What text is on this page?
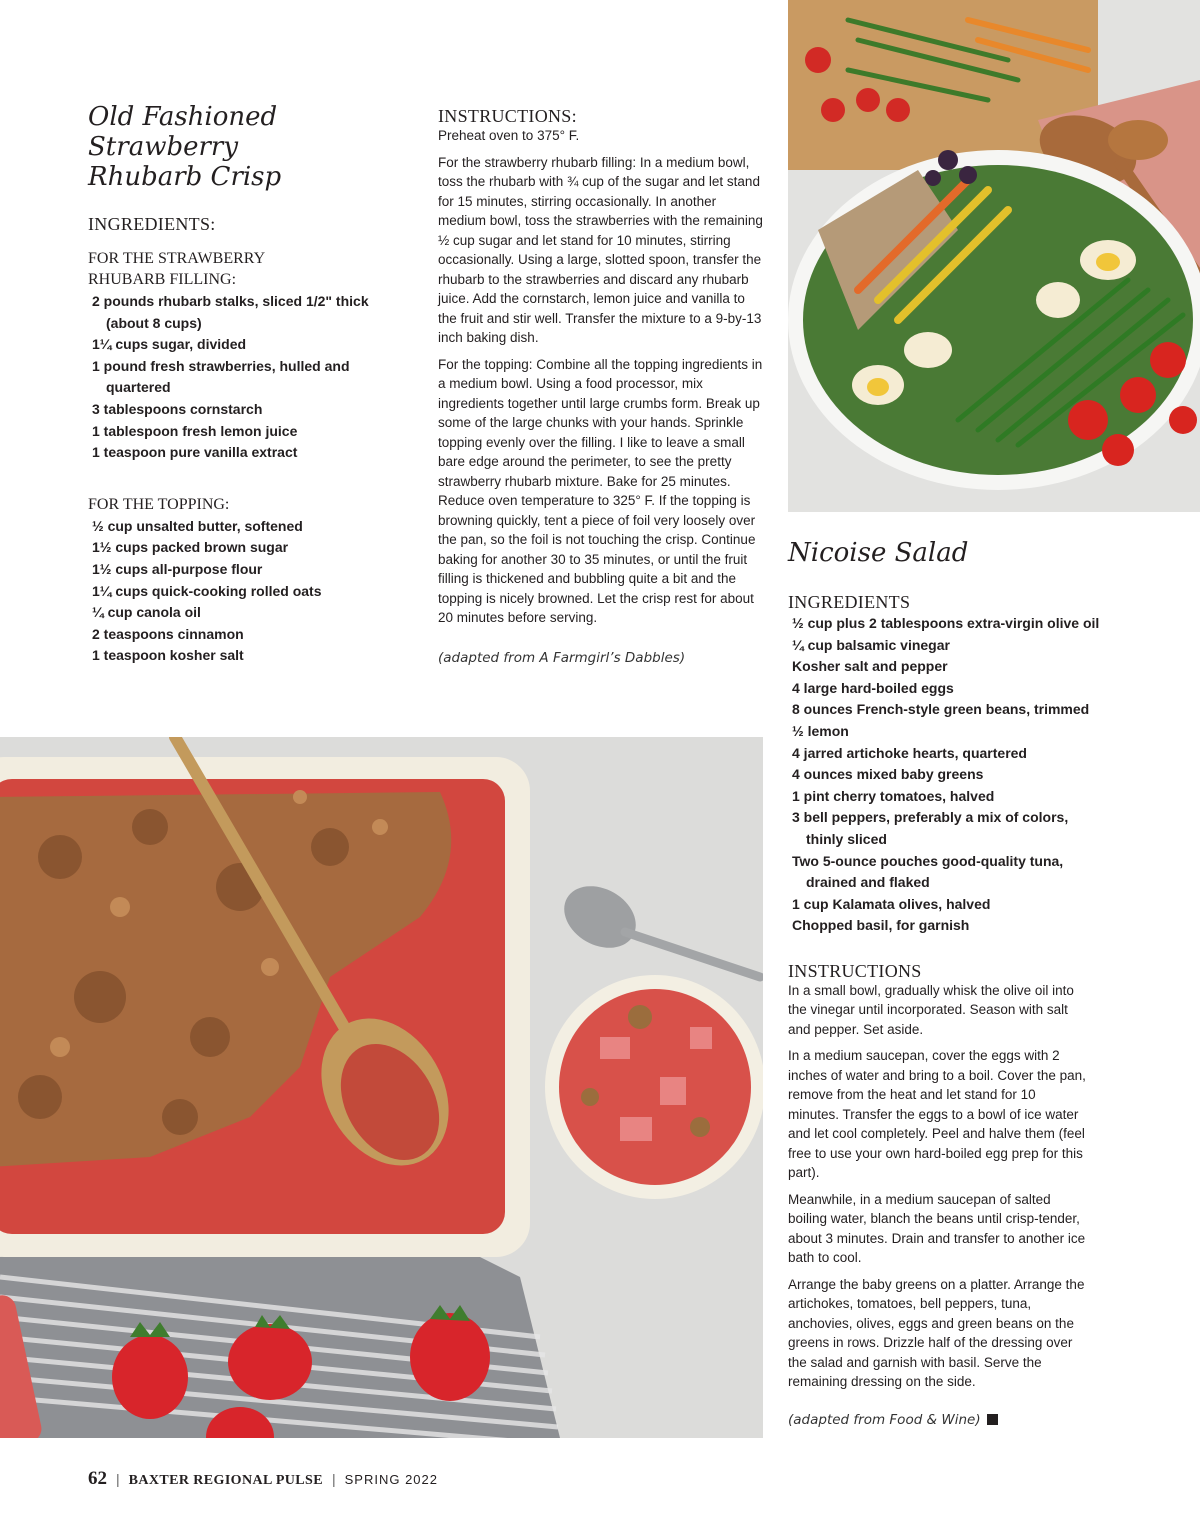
Old Fashioned
Strawberry
Rhubarb Crisp
INGREDIENTS:
FOR THE STRAWBERRY
RHUBARB FILLING:
2 pounds rhubarb stalks, sliced 1/2" thick (about 8 cups)
1¼ cups sugar, divided
1 pound fresh strawberries, hulled and quartered
3 tablespoons cornstarch
1 tablespoon fresh lemon juice
1 teaspoon pure vanilla extract
FOR THE TOPPING:
½ cup unsalted butter, softened
1½ cups packed brown sugar
1½ cups all-purpose flour
1¼ cups quick-cooking rolled oats
¼ cup canola oil
2 teaspoons cinnamon
1 teaspoon kosher salt
INSTRUCTIONS:

Preheat oven to 375° F.

For the strawberry rhubarb filling: In a medium bowl, toss the rhubarb with ¾ cup of the sugar and let stand for 15 minutes, stirring occasionally. In another medium bowl, toss the strawberries with the remaining ½ cup sugar and let stand for 10 minutes, stirring occasionally. Using a large, slotted spoon, transfer the rhubarb to the strawberries and discard any rhubarb juice. Add the cornstarch, lemon juice and vanilla to the fruit and stir well. Transfer the mixture to a 9-by-13 inch baking dish.

For the topping: Combine all the topping ingredients in a medium bowl. Using a food processor, mix ingredients together until large crumbs form. Break up some of the large chunks with your hands. Sprinkle topping evenly over the filling. I like to leave a small bare edge around the perimeter, to see the pretty strawberry rhubarb mixture. Bake for 25 minutes. Reduce oven temperature to 325° F. If the topping is browning quickly, tent a piece of foil very loosely over the pan, so the foil is not touching the crisp. Continue baking for another 30 to 35 minutes, or until the fruit filling is thickened and bubbling quite a bit and the topping is nicely browned. Let the crisp rest for about 20 minutes before serving.

(adapted from A Farmgirl’s Dabbles)
Nicoise Salad
INGREDIENTS
½ cup plus 2 tablespoons extra-virgin olive oil
¼ cup balsamic vinegar
Kosher salt and pepper
4 large hard-boiled eggs
8 ounces French-style green beans, trimmed
½ lemon
4 jarred artichoke hearts, quartered
4 ounces mixed baby greens
1 pint cherry tomatoes, halved
3 bell peppers, preferably a mix of colors, thinly sliced
Two 5-ounce pouches good-quality tuna, drained and flaked
1 cup Kalamata olives, halved
Chopped basil, for garnish
INSTRUCTIONS

In a small bowl, gradually whisk the olive oil into the vinegar until incorporated. Season with salt and pepper. Set aside.

In a medium saucepan, cover the eggs with 2 inches of water and bring to a boil. Cover the pan, remove from the heat and let stand for 10 minutes. Transfer the eggs to a bowl of ice water and let cool completely. Peel and halve them (feel free to use your own hard-boiled egg prep for this part).

Meanwhile, in a medium saucepan of salted boiling water, blanch the beans until crisp-tender, about 3 minutes. Drain and transfer to another ice bath to cool.

Arrange the baby greens on a platter. Arrange the artichokes, tomatoes, bell peppers, tuna, anchovies, olives, eggs and green beans on the greens in rows. Drizzle half of the dressing over the salad and garnish with basil. Serve the remaining dressing on the side.

(adapted from Food & Wine)
62 | BAXTER REGIONAL PULSE | SPRING 2022
